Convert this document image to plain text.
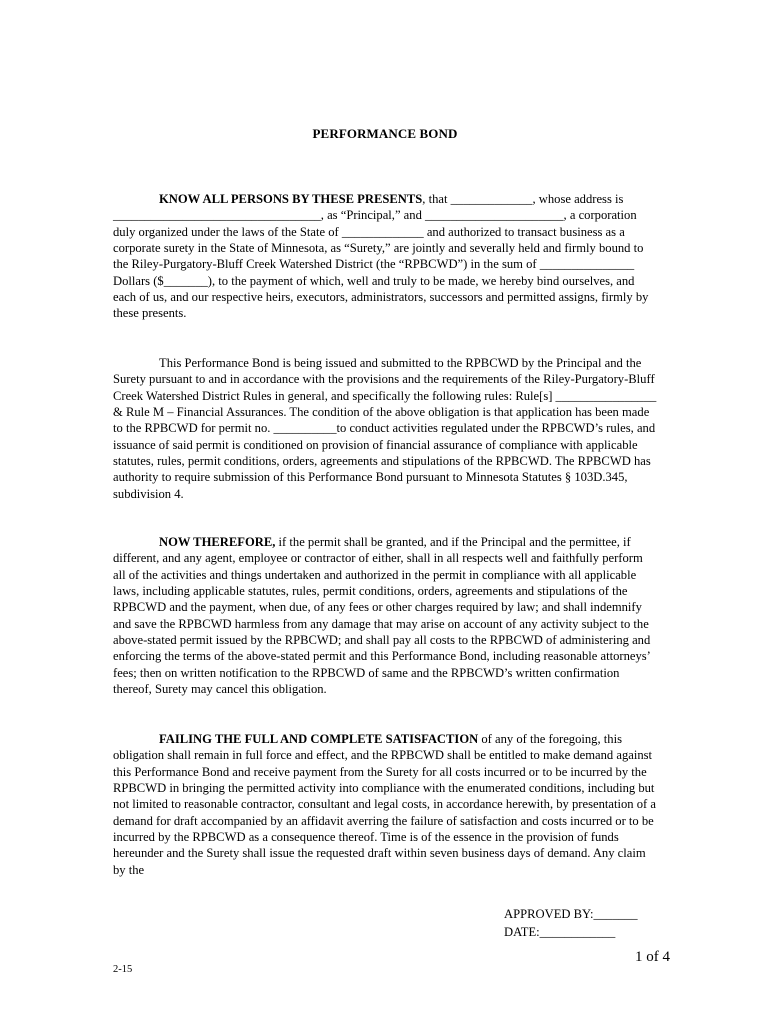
PERFORMANCE BOND

KNOW ALL PERSONS BY THESE PRESENTS, that _____________, whose address is _________________________________, as “Principal,” and ______________________, a corporation duly organized under the laws of the State of _____________ and authorized to transact business as a corporate surety in the State of Minnesota, as “Surety,” are jointly and severally held and firmly bound to the Riley-Purgatory-Bluff Creek Watershed District (the “RPBCWD”) in the sum of _______________ Dollars ($_______), to the payment of which, well and truly to be made, we hereby bind ourselves, and each of us, and our respective heirs, executors, administrators, successors and permitted assigns, firmly by these presents.

This Performance Bond is being issued and submitted to the RPBCWD by the Principal and the Surety pursuant to and in accordance with the provisions and the requirements of the Riley-Purgatory-Bluff Creek Watershed District Rules in general, and specifically the following rules: Rule[s] ________________ & Rule M – Financial Assurances. The condition of the above obligation is that application has been made to the RPBCWD for permit no. __________to conduct activities regulated under the RPBCWD’s rules, and issuance of said permit is conditioned on provision of financial assurance of compliance with applicable statutes, rules, permit conditions, orders, agreements and stipulations of the RPBCWD. The RPBCWD has authority to require submission of this Performance Bond pursuant to Minnesota Statutes § 103D.345, subdivision 4.

NOW THEREFORE, if the permit shall be granted, and if the Principal and the permittee, if different, and any agent, employee or contractor of either, shall in all respects well and faithfully perform all of the activities and things undertaken and authorized in the permit in compliance with all applicable laws, including applicable statutes, rules, permit conditions, orders, agreements and stipulations of the RPBCWD and the payment, when due, of any fees or other charges required by law; and shall indemnify and save the RPBCWD harmless from any damage that may arise on account of any activity subject to the above-stated permit issued by the RPBCWD; and shall pay all costs to the RPBCWD of administering and enforcing the terms of the above-stated permit and this Performance Bond, including reasonable attorneys’ fees; then on written notification to the RPBCWD of same and the RPBCWD’s written confirmation thereof, Surety may cancel this obligation.

FAILING THE FULL AND COMPLETE SATISFACTION of any of the foregoing, this obligation shall remain in full force and effect, and the RPBCWD shall be entitled to make demand against this Performance Bond and receive payment from the Surety for all costs incurred or to be incurred by the RPBCWD in bringing the permitted activity into compliance with the enumerated conditions, including but not limited to reasonable contractor, consultant and legal costs, in accordance herewith, by presentation of a demand for draft accompanied by an affidavit averring the failure of satisfaction and costs incurred or to be incurred by the RPBCWD as a consequence thereof. Time is of the essence in the provision of funds hereunder and the Surety shall issue the requested draft within seven business days of demand. Any claim by the

APPROVED BY:_______
DATE:____________
1 of 4
2-15
